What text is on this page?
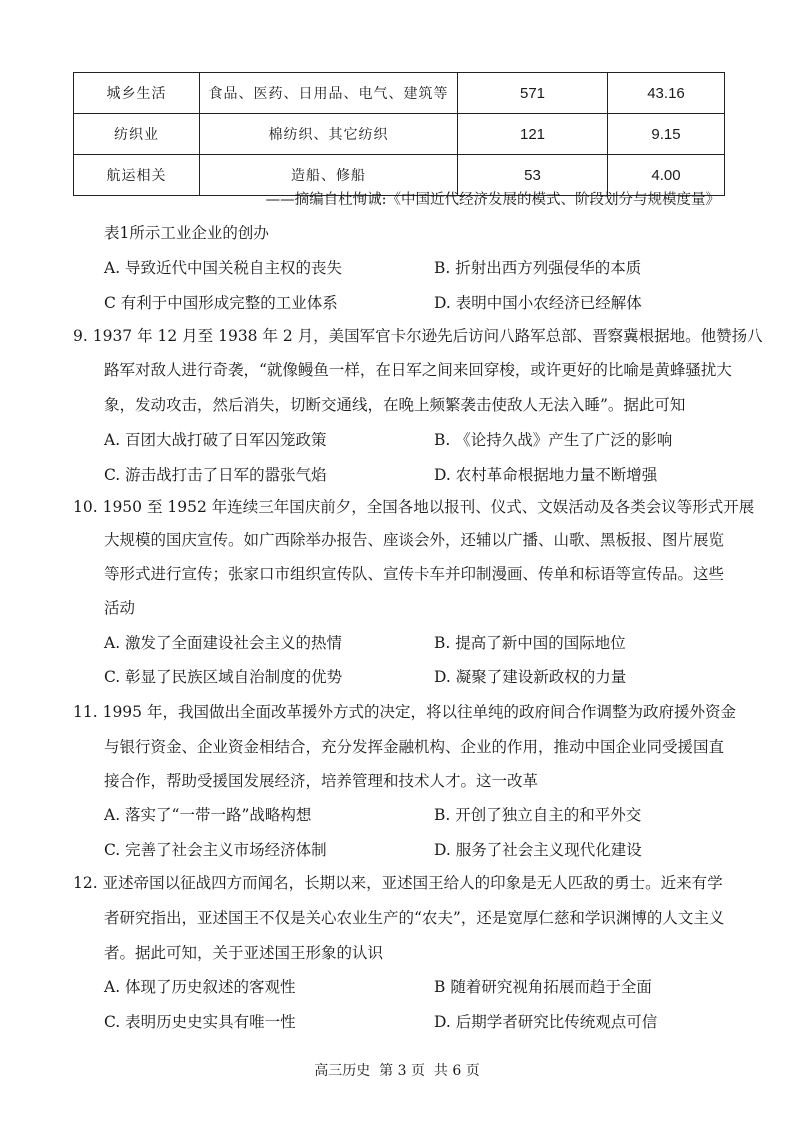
城乡生活	食品、医药、日用品、电气、建筑等	571	43.16
纺织业	棉纺织、其它纺织	121	9.15
航运相关	造船、修船	53	4.00
——摘编自杜恂诚:《中国近代经济发展的模式、阶段划分与规模度量》
表1所示工业企业的创办
A. 导致近代中国关税自主权的丧失	B. 折射出西方列强侵华的本质
C 有利于中国形成完整的工业体系	D. 表明中国小农经济已经解体
9. 1937 年 12 月至 1938 年 2 月，美国军官卡尔逊先后访问八路军总部、晋察冀根据地。他赞扬八
路军对敌人进行奇袭，“就像鳗鱼一样，在日军之间来回穿梭，或许更好的比喻是黄蜂骚扰大
象，发动攻击，然后消失，切断交通线，在晚上频繁袭击使敌人无法入睡”。据此可知
A. 百团大战打破了日军囚笼政策	B. 《论持久战》产生了广泛的影响
C. 游击战打击了日军的嚣张气焰	D. 农村革命根据地力量不断增强
10. 1950 至 1952 年连续三年国庆前夕，全国各地以报刊、仪式、文娱活动及各类会议等形式开展
大规模的国庆宣传。如广西除举办报告、座谈会外，还辅以广播、山歌、黑板报、图片展览
等形式进行宣传；张家口市组织宣传队、宣传卡车并印制漫画、传单和标语等宣传品。这些
活动
A. 激发了全面建设社会主义的热情	B. 提高了新中国的国际地位
C. 彰显了民族区域自治制度的优势	D. 凝聚了建设新政权的力量
11. 1995 年，我国做出全面改革援外方式的决定，将以往单纯的政府间合作调整为政府援外资金
与银行资金、企业资金相结合，充分发挥金融机构、企业的作用，推动中国企业同受援国直
接合作，帮助受援国发展经济，培养管理和技术人才。这一改革
A. 落实了“一带一路”战略构想	B. 开创了独立自主的和平外交
C. 完善了社会主义市场经济体制	D. 服务了社会主义现代化建设
12. 亚述帝国以征战四方而闻名，长期以来，亚述国王给人的印象是无人匹敌的勇士。近来有学
者研究指出，亚述国王不仅是关心农业生产的“农夫”，还是宽厚仁慈和学识渊博的人文主义
者。据此可知，关于亚述国王形象的认识
A. 体现了历史叙述的客观性	B 随着研究视角拓展而趋于全面
C. 表明历史史实具有唯一性	D. 后期学者研究比传统观点可信
高三历史  第 3 页  共 6 页
